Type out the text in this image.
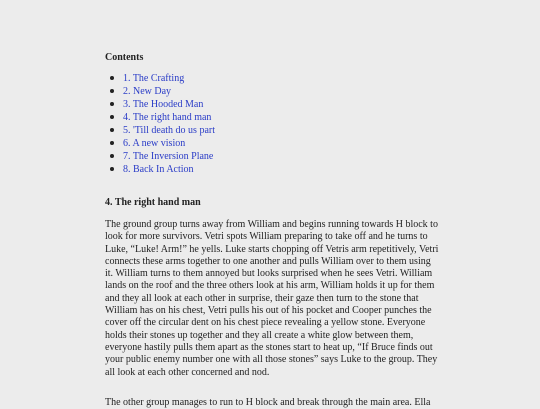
Contents
1. The Crafting
2. New Day
3. The Hooded Man
4. The right hand man
5. 'Till death do us part
6. A new vision
7. The Inversion Plane
8. Back In Action
4. The right hand man

The ground group turns away from William and begins running towards H block to look for more survivors. Vetri spots William preparing to take off and he turns to Luke, “Luke! Arm!” he yells. Luke starts chopping off Vetris arm repetitively, Vetri connects these arms together to one another and pulls William over to them using it. William turns to them annoyed but looks surprised when he sees Vetri. William lands on the roof and the three others look at his arm, William holds it up for them and they all look at each other in surprise, their gaze then turn to the stone that William has on his chest, Vetri pulls his out of his pocket and Cooper punches the cover off the circular dent on his chest piece revealing a yellow stone. Everyone holds their stones up together and they all create a white glow between them, everyone hastily pulls them apart as the stones start to heat up, “If Bruce finds out your public enemy number one with all those stones” says Luke to the group. They all look at each other concerned and nod.

The other group manages to run to H block and break through the main area. Ella
